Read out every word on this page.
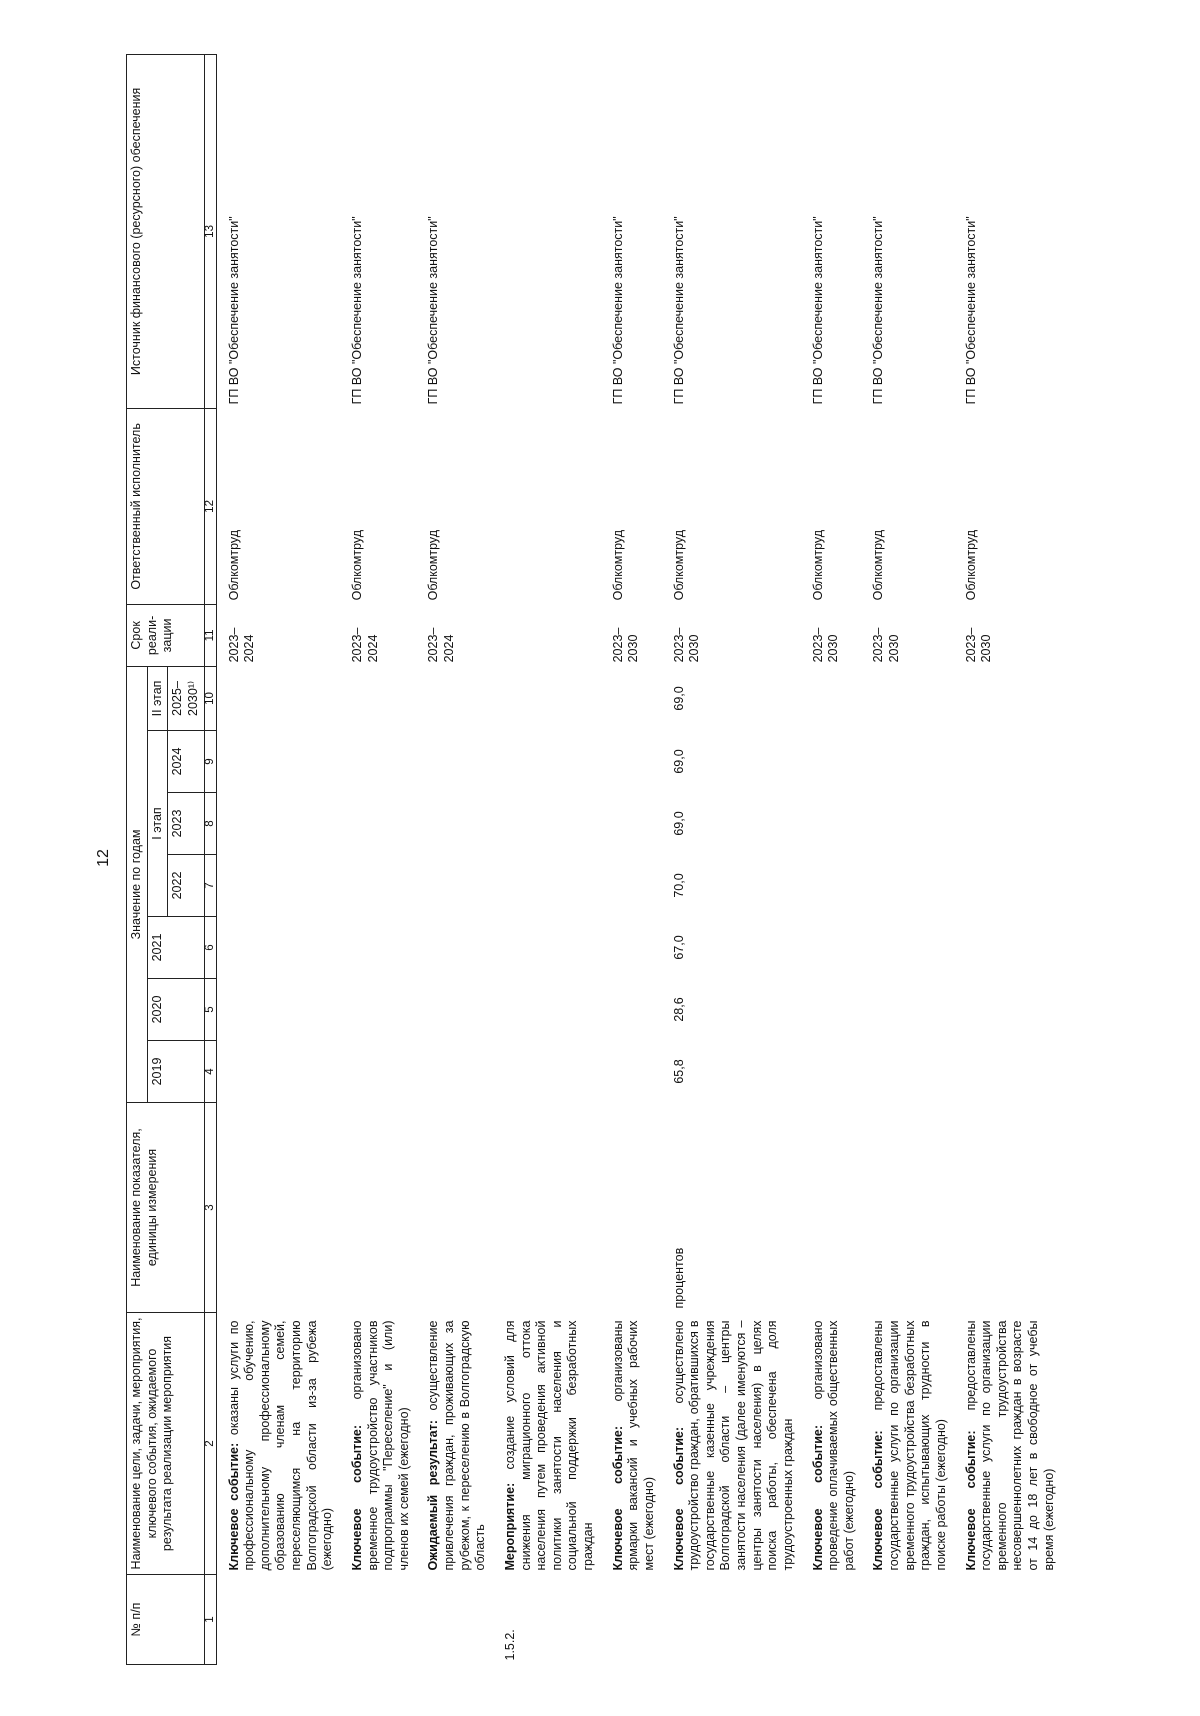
12
№ п/п	Наименование цели, задачи, мероприятия, ключевого события, ожидаемого результата реализации мероприятия	Наименование показателя, единицы измерения	Значение по годам							Срок реали-зации	Ответственный исполнитель	Источник финансового (ресурсного) обеспечения
			2019	2020	2021	I этап			II этап			
						2022	2023	2024	2025–2030¹⁾			
1	2	3	4	5	6	7	8	9	10	11	12	13
	Ключевое событие: оказаны услуги по профессиональному обучению, дополнительному профессиональному образованию членам семей, переселяющимся на территорию Волгоградской области из-за рубежа (ежегодно)									2023–2024	Облкомтруд	ГП ВО "Обеспечение занятости"
	Ключевое событие: организовано временное трудоустройство участников подпрограммы "Переселение" и (или) членов их семей (ежегодно)									2023–2024	Облкомтруд	ГП ВО "Обеспечение занятости"
	Ожидаемый результат: осуществление привлечения граждан, проживающих за рубежом, к переселению в Волгоградскую область									2023–2024	Облкомтруд	ГП ВО "Обеспечение занятости"
1.5.2.	Мероприятие: создание условий для снижения миграционного оттока населения путем проведения активной политики занятости населения и социальной поддержки безработных граждан											
	Ключевое событие: организованы ярмарки вакансий и учебных рабочих мест (ежегодно)									2023–2030	Облкомтруд	ГП ВО "Обеспечение занятости"
	Ключевое событие: осуществлено трудоустройство граждан, обратившихся в государственные казенные учреждения Волгоградской области – центры занятости населения (далее именуются – центры занятости населения) в целях поиска работы, обеспечена доля трудоустроенных граждан	процентов	65,8	28,6	67,0	70,0	69,0	69,0	69,0	2023–2030	Облкомтруд	ГП ВО "Обеспечение занятости"
	Ключевое событие: организовано проведение оплачиваемых общественных работ (ежегодно)									2023–2030	Облкомтруд	ГП ВО "Обеспечение занятости"
	Ключевое событие: предоставлены государственные услуги по организации временного трудоустройства безработных граждан, испытывающих трудности в поиске работы (ежегодно)									2023–2030	Облкомтруд	ГП ВО "Обеспечение занятости"
	Ключевое событие: предоставлены государственные услуги по организации временного трудоустройства несовершеннолетних граждан в возрасте от 14 до 18 лет в свободное от учебы время (ежегодно)									2023–2030	Облкомтруд	ГП ВО "Обеспечение занятости"
